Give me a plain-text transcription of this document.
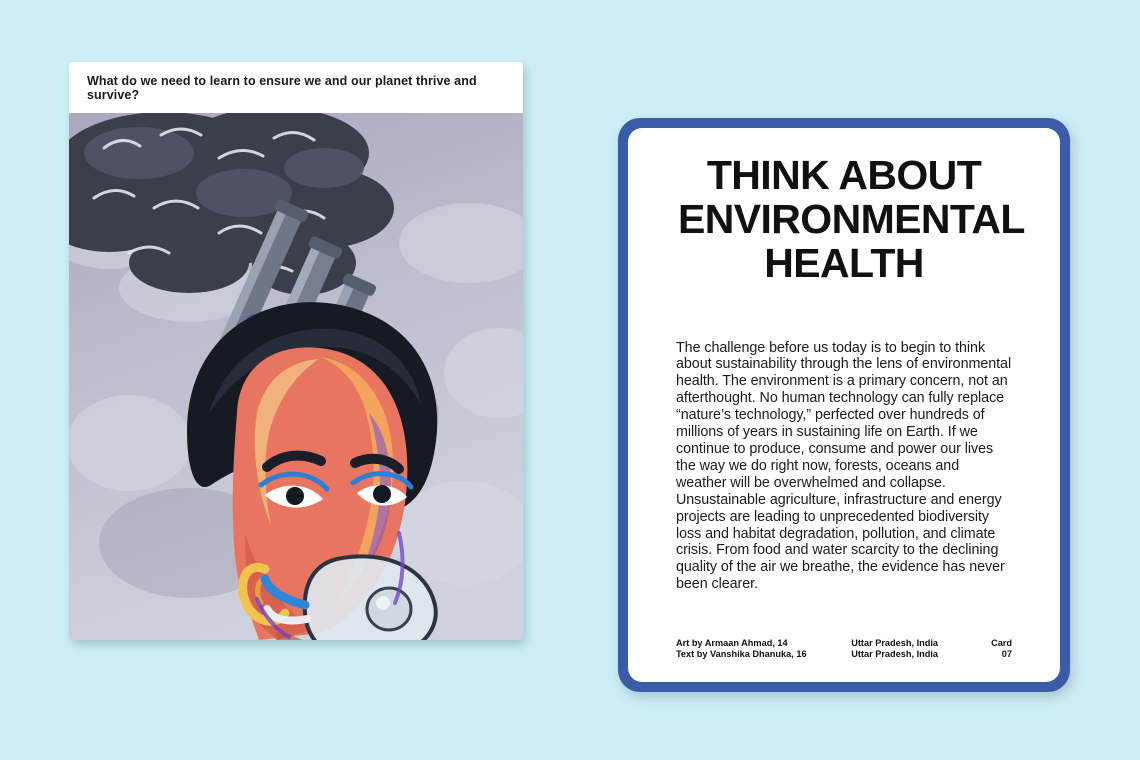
What do we need to learn to ensure we and our planet thrive and survive?
THINK ABOUT ENVIRONMENTAL HEALTH

The challenge before us today is to begin to think about sustainability through the lens of environmental health. The environment is a primary concern, not an afterthought. No human technology can fully replace “nature’s technology,” perfected over hundreds of millions of years in sustaining life on Earth. If we continue to produce, consume and power our lives the way we do right now, forests, oceans and weather will be overwhelmed and collapse. Unsustainable agriculture, infrastructure and energy projects are leading to unprecedented biodiversity loss and habitat degradation, pollution, and climate crisis. From food and water scarcity to the declining quality of the air we breathe, the evidence has never been clearer.

Art by Armaan Ahmad, 14
Text by Vanshika Dhanuka, 16
Uttar Pradesh, India
Uttar Pradesh, India
Card 07
